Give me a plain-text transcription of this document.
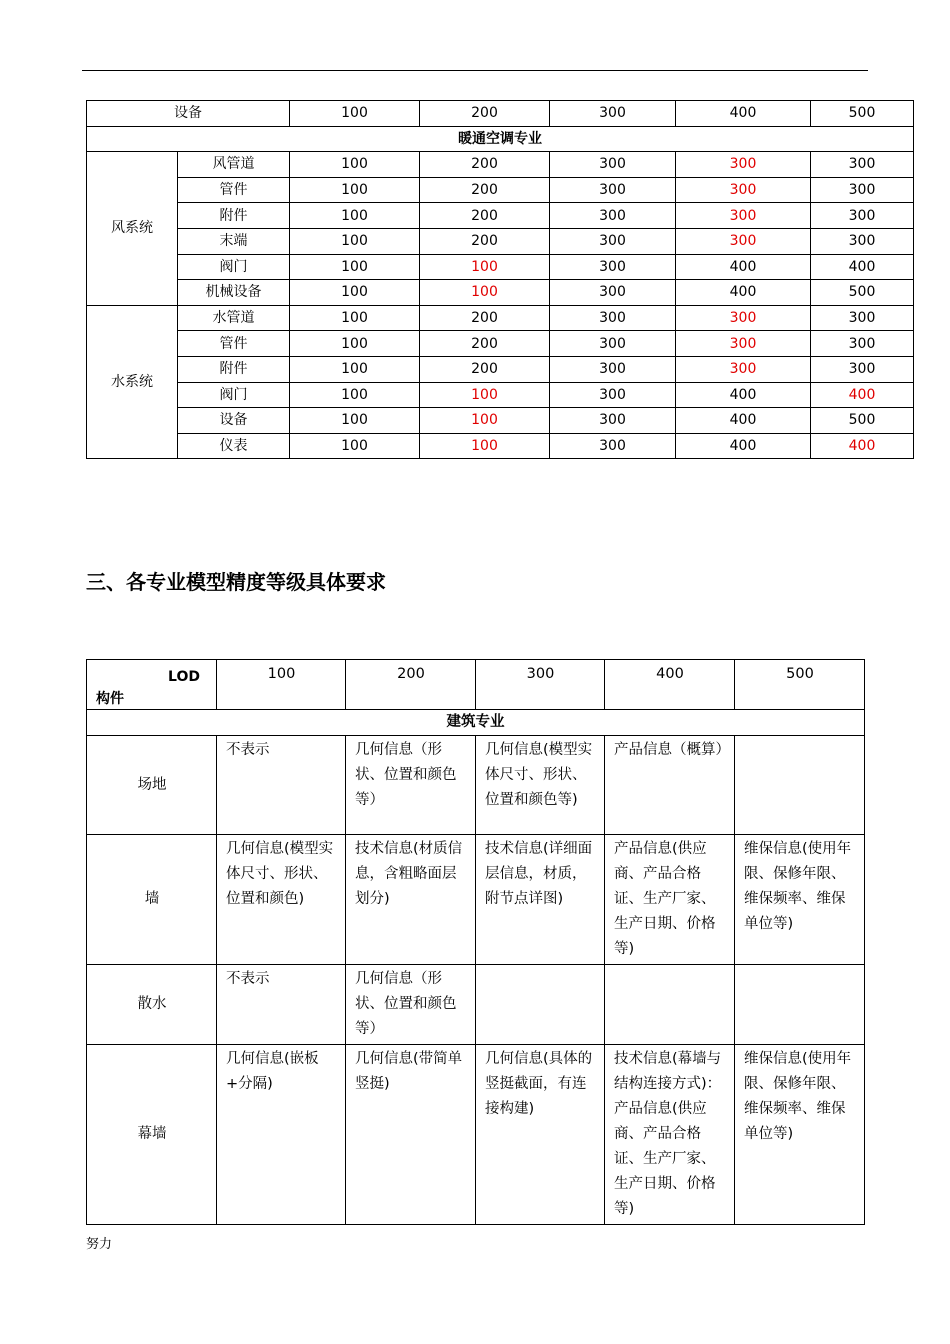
设备		100	200	300	400	500
暖通空调专业						
风系统	风管道	100	200	300	300	300
	管件	100	200	300	300	300
	附件	100	200	300	300	300
	末端	100	200	300	300	300
	阀门	100	100	300	400	400
	机械设备	100	100	300	400	500
水系统	水管道	100	200	300	300	300
	管件	100	200	300	300	300
	附件	100	200	300	300	300
	阀门	100	100	300	400	400
	设备	100	100	300	400	500
	仪表	100	100	300	400	400
三、各专业模型精度等级具体要求
LOD
构件	100	200	300	400	500
建筑专业					
场地	不表示	几何信息（形状、位置和颜色等）	几何信息(模型实体尺寸、形状、位置和颜色等)	产品信息（概算）	
墙	几何信息(模型实体尺寸、形状、位置和颜色)	技术信息(材质信息，含粗略面层划分)	技术信息(详细面层信息，材质，附节点详图)	产品信息(供应商、产品合格证、生产厂家、生产日期、价格等)	维保信息(使用年限、保修年限、维保频率、维保单位等)
散水	不表示	几何信息（形状、位置和颜色等）			
幕墙	几何信息(嵌板+分隔)	几何信息(带简单竖挺)	几何信息(具体的竖挺截面，有连接构建)	技术信息(幕墙与结构连接方式)：产品信息(供应商、产品合格证、生产厂家、生产日期、价格等)	维保信息(使用年限、保修年限、维保频率、维保单位等)
努力
